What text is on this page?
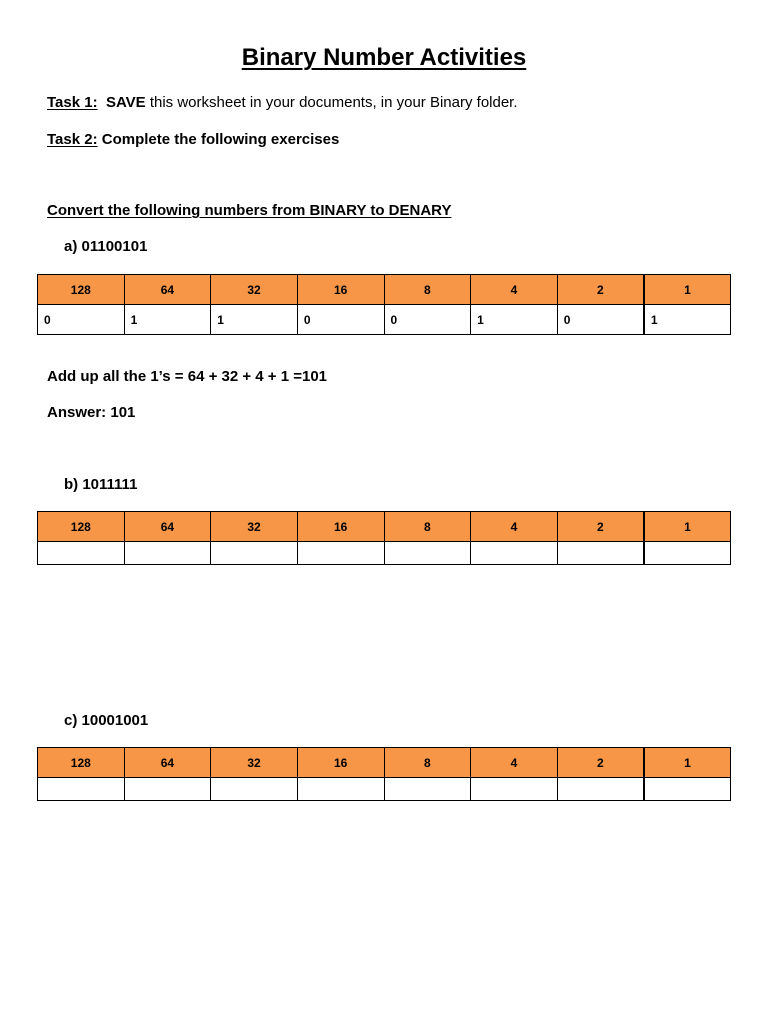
Binary Number Activities
Task 1: SAVE this worksheet in your documents, in your Binary folder.
Task 2: Complete the following exercises
Convert the following numbers from BINARY to DENARY
a) 01100101
128	64	32	16	8	4	2	1
0	1	1	0	0	1	0	1
Add up all the 1’s = 64 + 32 + 4 + 1 =101
Answer: 101
b) 1011111
128	64	32	16	8	4	2	1

c) 10001001
128	64	32	16	8	4	2	1
